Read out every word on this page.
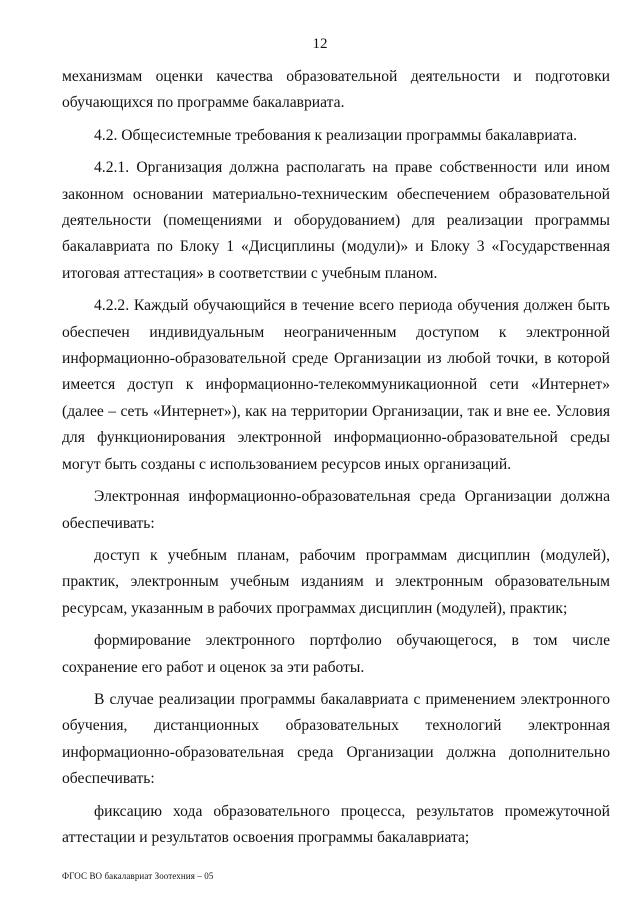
12

механизмам оценки качества образовательной деятельности и подготовки обучающихся по программе бакалавриата.

4.2. Общесистемные требования к реализации программы бакалавриата.

4.2.1. Организация должна располагать на праве собственности или ином законном основании материально-техническим обеспечением образовательной деятельности (помещениями и оборудованием) для реализации программы бакалавриата по Блоку 1 «Дисциплины (модули)» и Блоку 3 «Государственная итоговая аттестация» в соответствии с учебным планом.

4.2.2. Каждый обучающийся в течение всего периода обучения должен быть обеспечен индивидуальным неограниченным доступом к электронной информационно-образовательной среде Организации из любой точки, в которой имеется доступ к информационно-телекоммуникационной сети «Интернет» (далее – сеть «Интернет»), как на территории Организации, так и вне ее. Условия для функционирования электронной информационно-образовательной среды могут быть созданы с использованием ресурсов иных организаций.

Электронная информационно-образовательная среда Организации должна обеспечивать:

доступ к учебным планам, рабочим программам дисциплин (модулей), практик, электронным учебным изданиям и электронным образовательным ресурсам, указанным в рабочих программах дисциплин (модулей), практик;

формирование электронного портфолио обучающегося, в том числе сохранение его работ и оценок за эти работы.

В случае реализации программы бакалавриата с применением электронного обучения, дистанционных образовательных технологий электронная информационно-образовательная среда Организации должна дополнительно обеспечивать:

фиксацию хода образовательного процесса, результатов промежуточной аттестации и результатов освоения программы бакалавриата;

ФГОС ВО бакалавриат Зоотехния – 05
